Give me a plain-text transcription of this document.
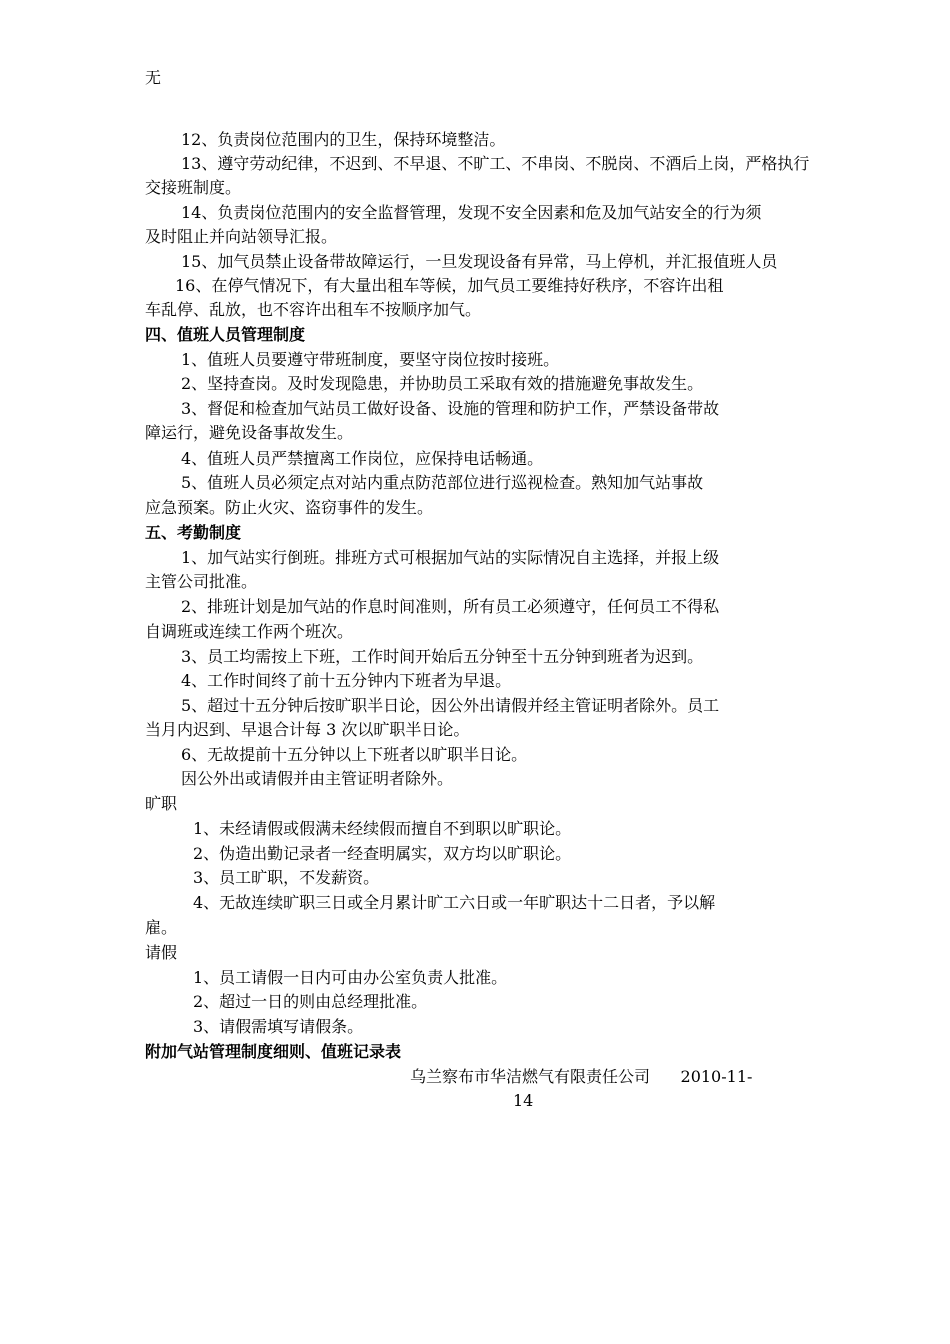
无

12、负责岗位范围内的卫生，保持环境整洁。

13、遵守劳动纪律，不迟到、不早退、不旷工、不串岗、不脱岗、不酒后上岗，严格执行

交接班制度。

14、负责岗位范围内的安全监督管理，发现不安全因素和危及加气站安全的行为须

及时阻止并向站领导汇报。

15、加气员禁止设备带故障运行，一旦发现设备有异常，马上停机，并汇报值班人员

16、在停气情况下，有大量出租车等候，加气员工要维持好秩序，不容许出租

车乱停、乱放，也不容许出租车不按顺序加气。

四、值班人员管理制度

1、值班人员要遵守带班制度，要坚守岗位按时接班。

2、坚持查岗。及时发现隐患，并协助员工采取有效的措施避免事故发生。

3、督促和检查加气站员工做好设备、设施的管理和防护工作，严禁设备带故

障运行，避免设备事故发生。

4、值班人员严禁擅离工作岗位，应保持电话畅通。

5、值班人员必须定点对站内重点防范部位进行巡视检查。熟知加气站事故

应急预案。防止火灾、盗窃事件的发生。

五、考勤制度

1、加气站实行倒班。排班方式可根据加气站的实际情况自主选择，并报上级

主管公司批准。

2、排班计划是加气站的作息时间准则，所有员工必须遵守，任何员工不得私

自调班或连续工作两个班次。

3、员工均需按上下班，工作时间开始后五分钟至十五分钟到班者为迟到。

4、工作时间终了前十五分钟内下班者为早退。

5、超过十五分钟后按旷职半日论，因公外出请假并经主管证明者除外。员工

当月内迟到、早退合计每 3 次以旷职半日论。

6、无故提前十五分钟以上下班者以旷职半日论。

因公外出或请假并由主管证明者除外。

旷职

1、未经请假或假满未经续假而擅自不到职以旷职论。

2、伪造出勤记录者一经查明属实，双方均以旷职论。

3、员工旷职，不发薪资。

4、无故连续旷职三日或全月累计旷工六日或一年旷职达十二日者，予以解

雇。

请假

1、员工请假一日内可由办公室负责人批准。

2、超过一日的则由总经理批准。

3、请假需填写请假条。

附加气站管理制度细则、值班记录表

乌兰察布市华洁燃气有限责任公司      2010-11-

14
